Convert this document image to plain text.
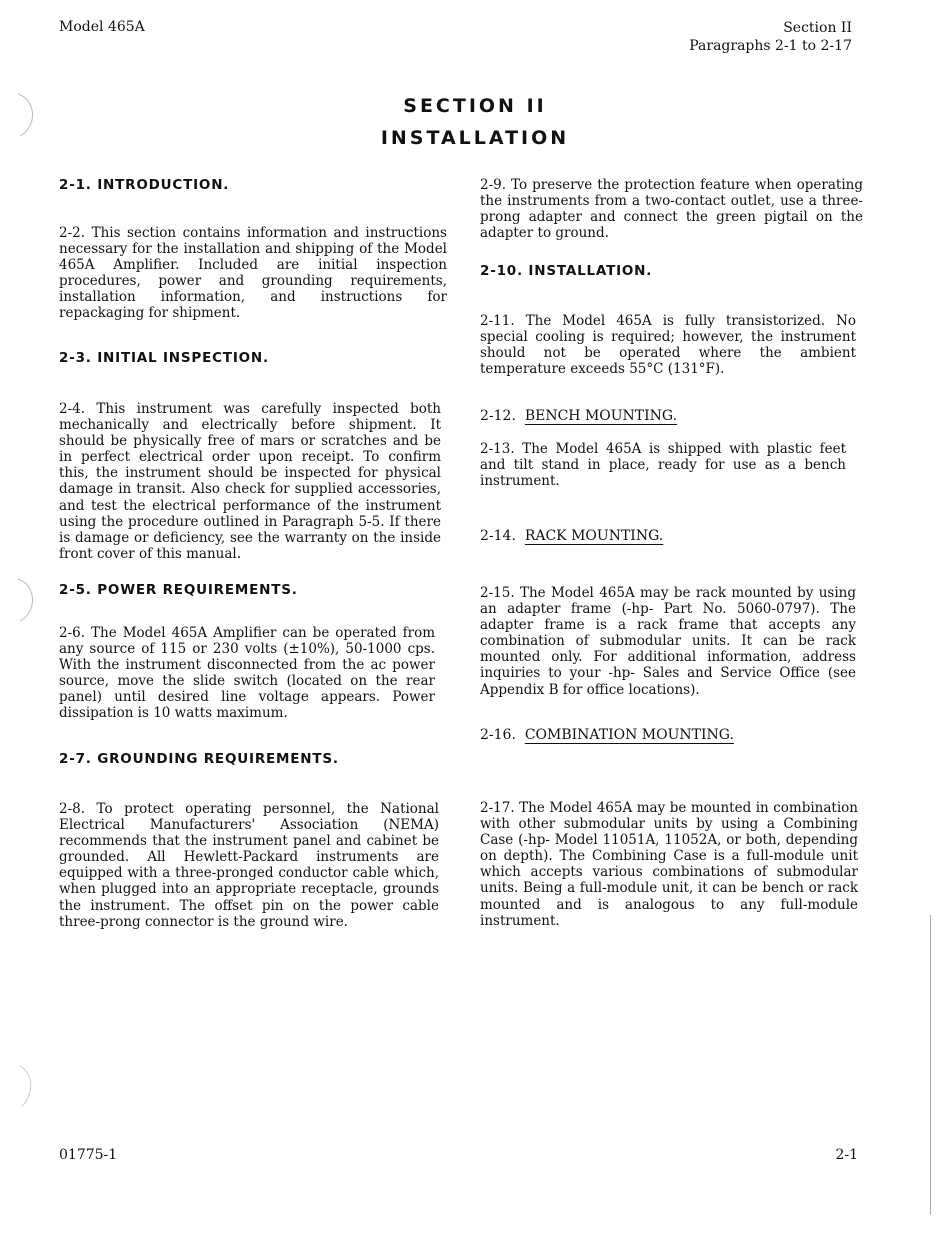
Model 465A	Section II
Paragraphs 2-1 to 2-17
SECTION II
INSTALLATION
2-1. INTRODUCTION.

2-2. This section contains information and instructions necessary for the installation and shipping of the Model 465A Amplifier. Included are initial inspection procedures, power and grounding requirements, installation information, and instructions for repackaging for shipment.

2-3. INITIAL INSPECTION.

2-4. This instrument was carefully inspected both mechanically and electrically before shipment. It should be physically free of mars or scratches and be in perfect electrical order upon receipt. To confirm this, the instrument should be inspected for physical damage in transit. Also check for supplied accessories, and test the electrical performance of the instrument using the procedure outlined in Paragraph 5-5. If there is damage or deficiency, see the warranty on the inside front cover of this manual.

2-5. POWER REQUIREMENTS.

2-6. The Model 465A Amplifier can be operated from any source of 115 or 230 volts (±10%), 50-1000 cps. With the instrument disconnected from the ac power source, move the slide switch (located on the rear panel) until desired line voltage appears. Power dissipation is 10 watts maximum.

2-7. GROUNDING REQUIREMENTS.

2-8. To protect operating personnel, the National Electrical Manufacturers' Association (NEMA) recommends that the instrument panel and cabinet be grounded. All Hewlett-Packard instruments are equipped with a three-pronged conductor cable which, when plugged into an appropriate receptacle, grounds the instrument. The offset pin on the power cable three-prong connector is the ground wire.

2-9. To preserve the protection feature when operating the instruments from a two-contact outlet, use a three-prong adapter and connect the green pigtail on the adapter to ground.

2-10. INSTALLATION.

2-11. The Model 465A is fully transistorized. No special cooling is required; however, the instrument should not be operated where the ambient temperature exceeds 55°C (131°F).

2-12. BENCH MOUNTING.

2-13. The Model 465A is shipped with plastic feet and tilt stand in place, ready for use as a bench instrument.

2-14. RACK MOUNTING.

2-15. The Model 465A may be rack mounted by using an adapter frame (-hp- Part No. 5060-0797). The adapter frame is a rack frame that accepts any combination of submodular units. It can be rack mounted only. For additional information, address inquiries to your -hp- Sales and Service Office (see Appendix B for office locations).

2-16. COMBINATION MOUNTING.

2-17. The Model 465A may be mounted in combination with other submodular units by using a Combining Case (-hp- Model 11051A, 11052A, or both, depending on depth). The Combining Case is a full-module unit which accepts various combinations of submodular units. Being a full-module unit, it can be bench or rack mounted and is analogous to any full-module instrument.

01775-1	2-1
